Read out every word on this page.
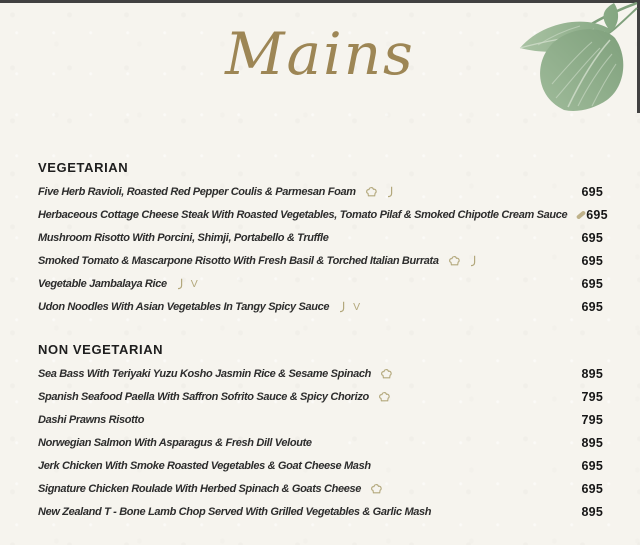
Mains
VEGETARIAN
Five Herb Ravioli, Roasted Red Pepper Coulis & Parmesan Foam	695
Herbaceous Cottage Cheese Steak With Roasted Vegetables, Tomato Pilaf & Smoked Chipotle Cream Sauce 695
Mushroom Risotto With Porcini, Shimji, Portabello & Truffle	695
Smoked Tomato & Mascarpone Risotto With Fresh Basil & Torched Italian Burrata	695
Vegetable Jambalaya Rice V	695
Udon Noodles With Asian Vegetables In Tangy Spicy Sauce V	695
NON VEGETARIAN
Sea Bass With Teriyaki Yuzu Kosho Jasmin Rice & Sesame Spinach	895
Spanish Seafood Paella With Saffron Sofrito Sauce & Spicy Chorizo	795
Dashi Prawns Risotto	795
Norwegian Salmon With Asparagus & Fresh Dill Veloute	895
Jerk Chicken With Smoke Roasted Vegetables & Goat Cheese Mash	695
Signature Chicken Roulade With Herbed Spinach & Goats Cheese	695
New Zealand T - Bone Lamb Chop Served With Grilled Vegetables & Garlic Mash	895
